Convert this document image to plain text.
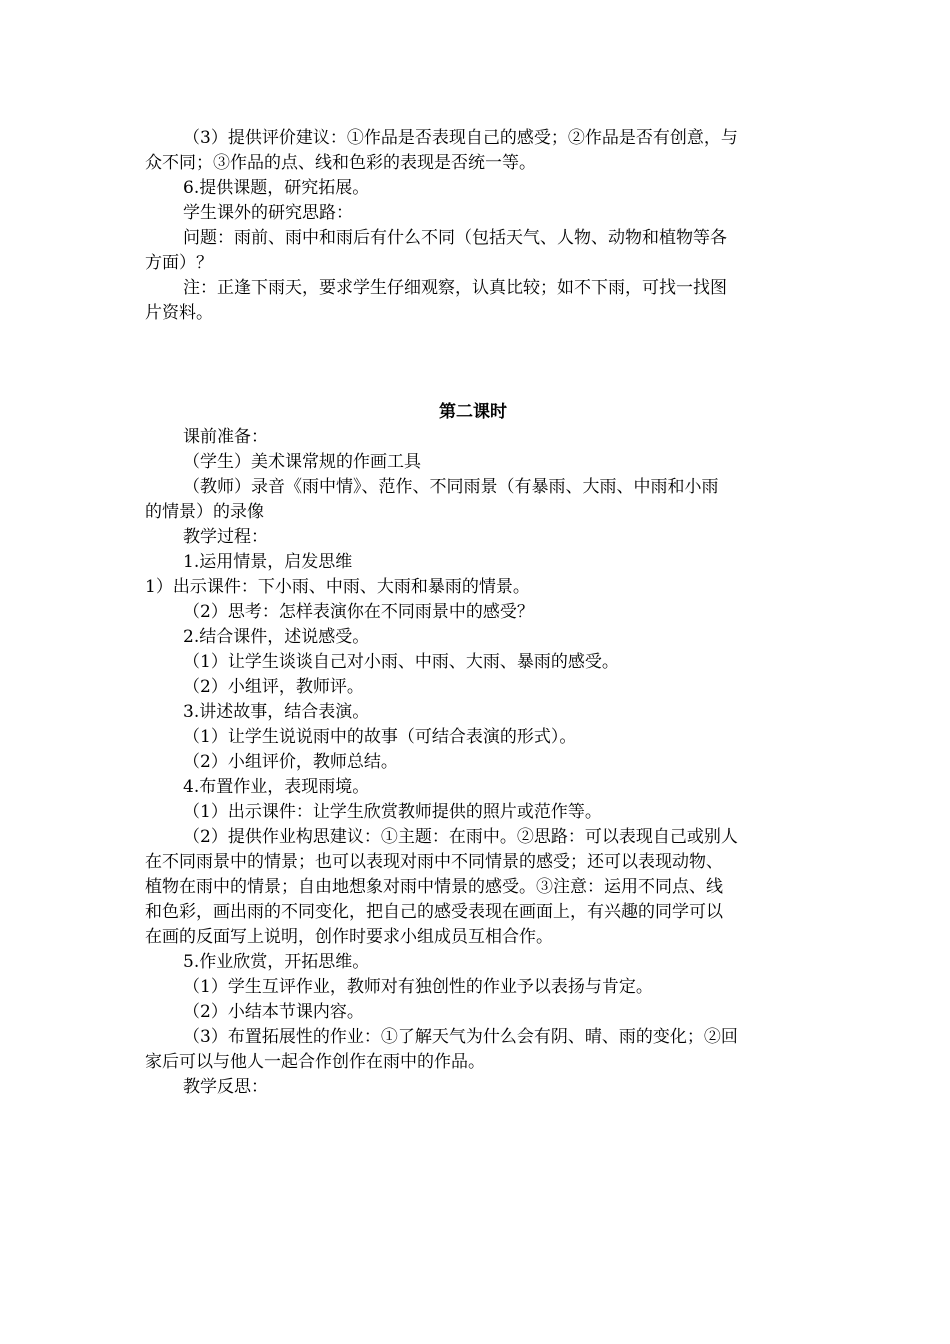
（3）提供评价建议：①作品是否表现自己的感受；②作品是否有创意，与
众不同；③作品的点、线和色彩的表现是否统一等。
6.提供课题，研究拓展。
学生课外的研究思路：
问题：雨前、雨中和雨后有什么不同（包括天气、人物、动物和植物等各
方面）？
注：正逢下雨天，要求学生仔细观察，认真比较；如不下雨，可找一找图
片资料。
第二课时
课前准备：
（学生）美术课常规的作画工具
（教师）录音《雨中情》、范作、不同雨景（有暴雨、大雨、中雨和小雨
的情景）的录像
教学过程：
1.运用情景，启发思维
1）出示课件：下小雨、中雨、大雨和暴雨的情景。
（2）思考：怎样表演你在不同雨景中的感受？
2.结合课件，述说感受。
（1）让学生谈谈自己对小雨、中雨、大雨、暴雨的感受。
（2）小组评，教师评。
3.讲述故事，结合表演。
（1）让学生说说雨中的故事（可结合表演的形式）。
（2）小组评价，教师总结。
4.布置作业，表现雨境。
（1）出示课件：让学生欣赏教师提供的照片或范作等。
（2）提供作业构思建议：①主题：在雨中。②思路：可以表现自己或别人
在不同雨景中的情景；也可以表现对雨中不同情景的感受；还可以表现动物、
植物在雨中的情景；自由地想象对雨中情景的感受。③注意：运用不同点、线
和色彩，画出雨的不同变化，把自己的感受表现在画面上，有兴趣的同学可以
在画的反面写上说明，创作时要求小组成员互相合作。
5.作业欣赏，开拓思维。
（1）学生互评作业，教师对有独创性的作业予以表扬与肯定。
（2）小结本节课内容。
（3）布置拓展性的作业：①了解天气为什么会有阴、晴、雨的变化；②回
家后可以与他人一起合作创作在雨中的作品。
教学反思：
